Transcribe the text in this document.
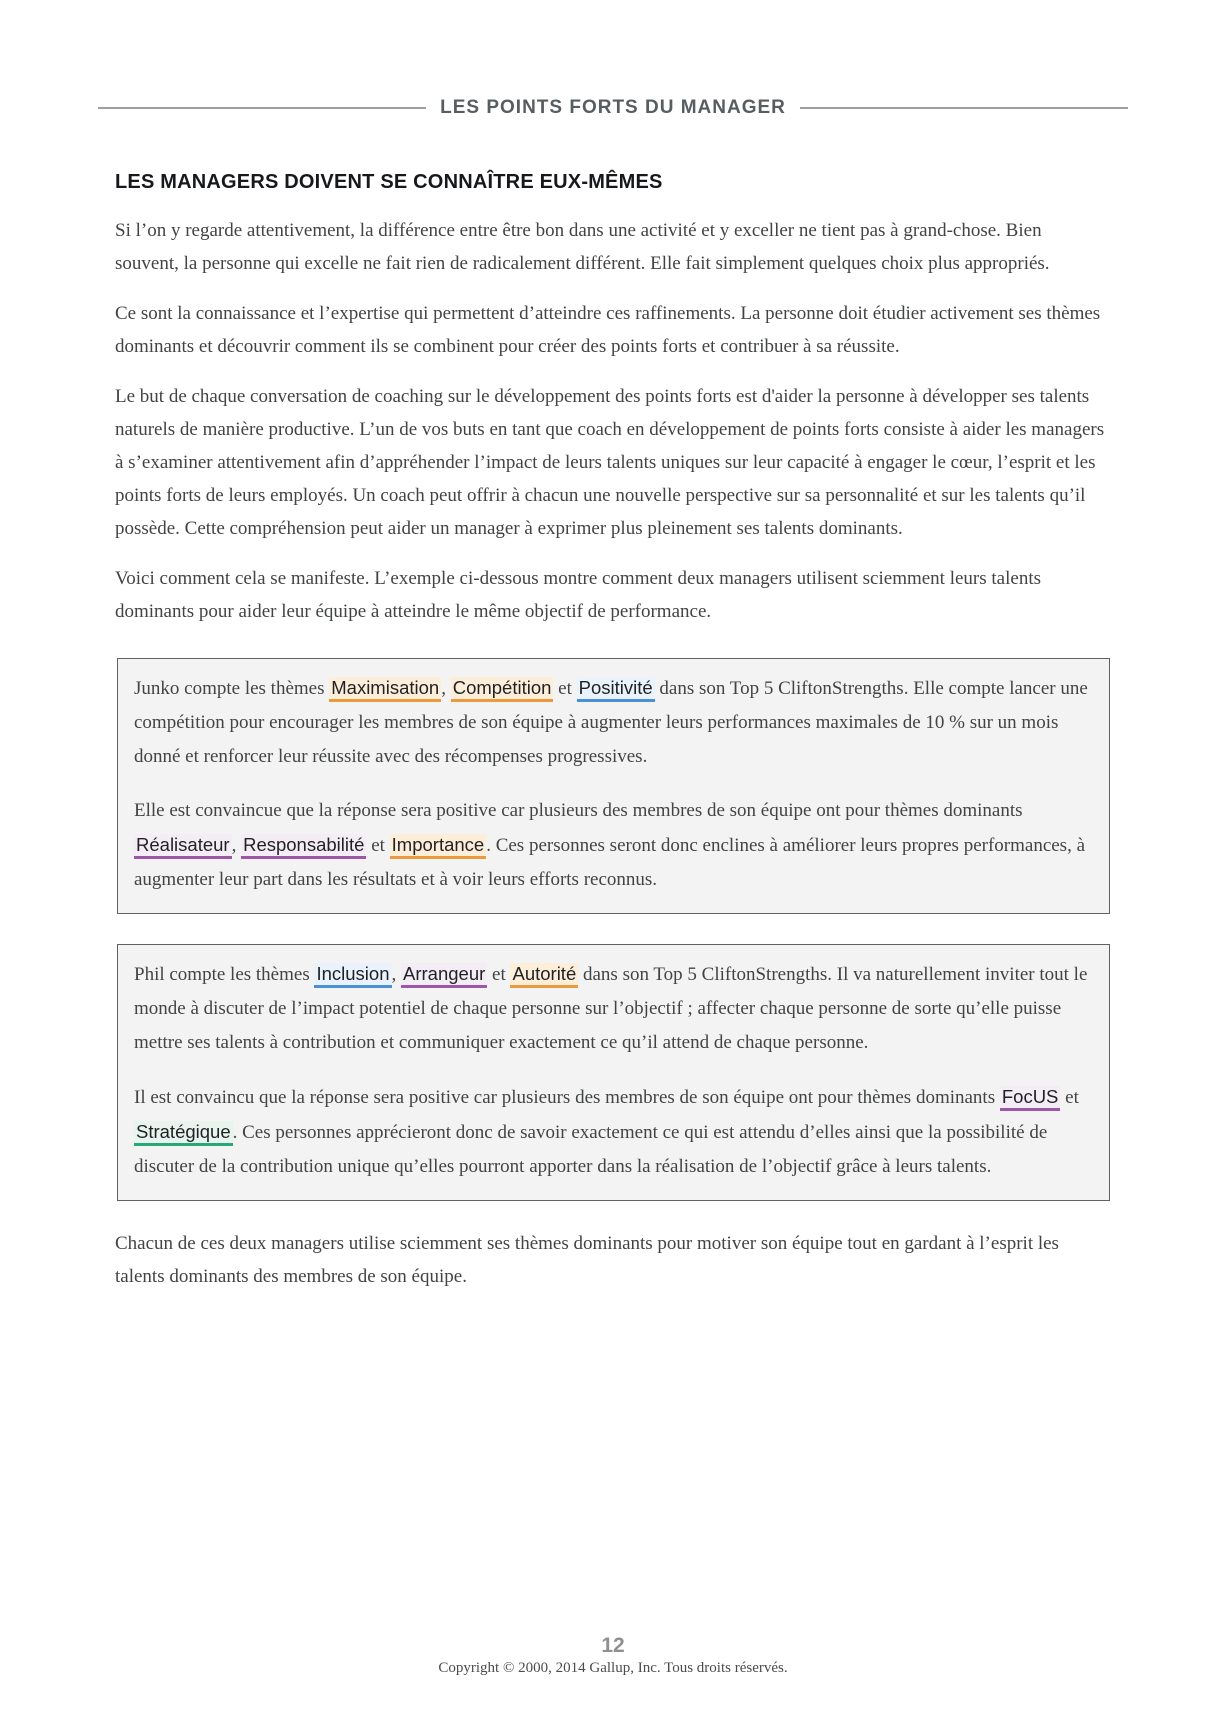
LES POINTS FORTS DU MANAGER
LES MANAGERS DOIVENT SE CONNAÎTRE EUX-MÊMES

Si l’on y regarde attentivement, la différence entre être bon dans une activité et y exceller ne tient pas à grand-chose. Bien souvent, la personne qui excelle ne fait rien de radicalement différent. Elle fait simplement quelques choix plus appropriés.

Ce sont la connaissance et l’expertise qui permettent d’atteindre ces raffinements. La personne doit étudier activement ses thèmes dominants et découvrir comment ils se combinent pour créer des points forts et contribuer à sa réussite.

Le but de chaque conversation de coaching sur le développement des points forts est d'aider la personne à développer ses talents naturels de manière productive. L’un de vos buts en tant que coach en développement de points forts consiste à aider les managers à s’examiner attentivement afin d’appréhender l’impact de leurs talents uniques sur leur capacité à engager le cœur, l’esprit et les points forts de leurs employés. Un coach peut offrir à chacun une nouvelle perspective sur sa personnalité et sur les talents qu’il possède. Cette compréhension peut aider un manager à exprimer plus pleinement ses talents dominants.

Voici comment cela se manifeste. L’exemple ci-dessous montre comment deux managers utilisent sciemment leurs talents dominants pour aider leur équipe à atteindre le même objectif de performance.

Junko compte les thèmes Maximisation , Compétition et Positivité dans son Top 5 CliftonStrengths. Elle compte lancer une compétition pour encourager les membres de son équipe à augmenter leurs performances maximales de 10 % sur un mois donné et renforcer leur réussite avec des récompenses progressives.

Elle est convaincue que la réponse sera positive car plusieurs des membres de son équipe ont pour thèmes dominants Réalisateur , Responsabilité et Importance . Ces personnes seront donc enclines à améliorer leurs propres performances, à augmenter leur part dans les résultats et à voir leurs efforts reconnus.

Phil compte les thèmes Inclusion , Arrangeur et Autorité dans son Top 5 CliftonStrengths. Il va naturellement inviter tout le monde à discuter de l’impact potentiel de chaque personne sur l’objectif ; affecter chaque personne de sorte qu’elle puisse mettre ses talents à contribution et communiquer exactement ce qu’il attend de chaque personne.

Il est convaincu que la réponse sera positive car plusieurs des membres de son équipe ont pour thèmes dominants FocUS et Stratégique . Ces personnes apprécieront donc de savoir exactement ce qui est attendu d’elles ainsi que la possibilité de discuter de la contribution unique qu’elles pourront apporter dans la réalisation de l’objectif grâce à leurs talents.

Chacun de ces deux managers utilise sciemment ses thèmes dominants pour motiver son équipe tout en gardant à l’esprit les talents dominants des membres de son équipe.

12
Copyright © 2000, 2014 Gallup, Inc. Tous droits réservés.
